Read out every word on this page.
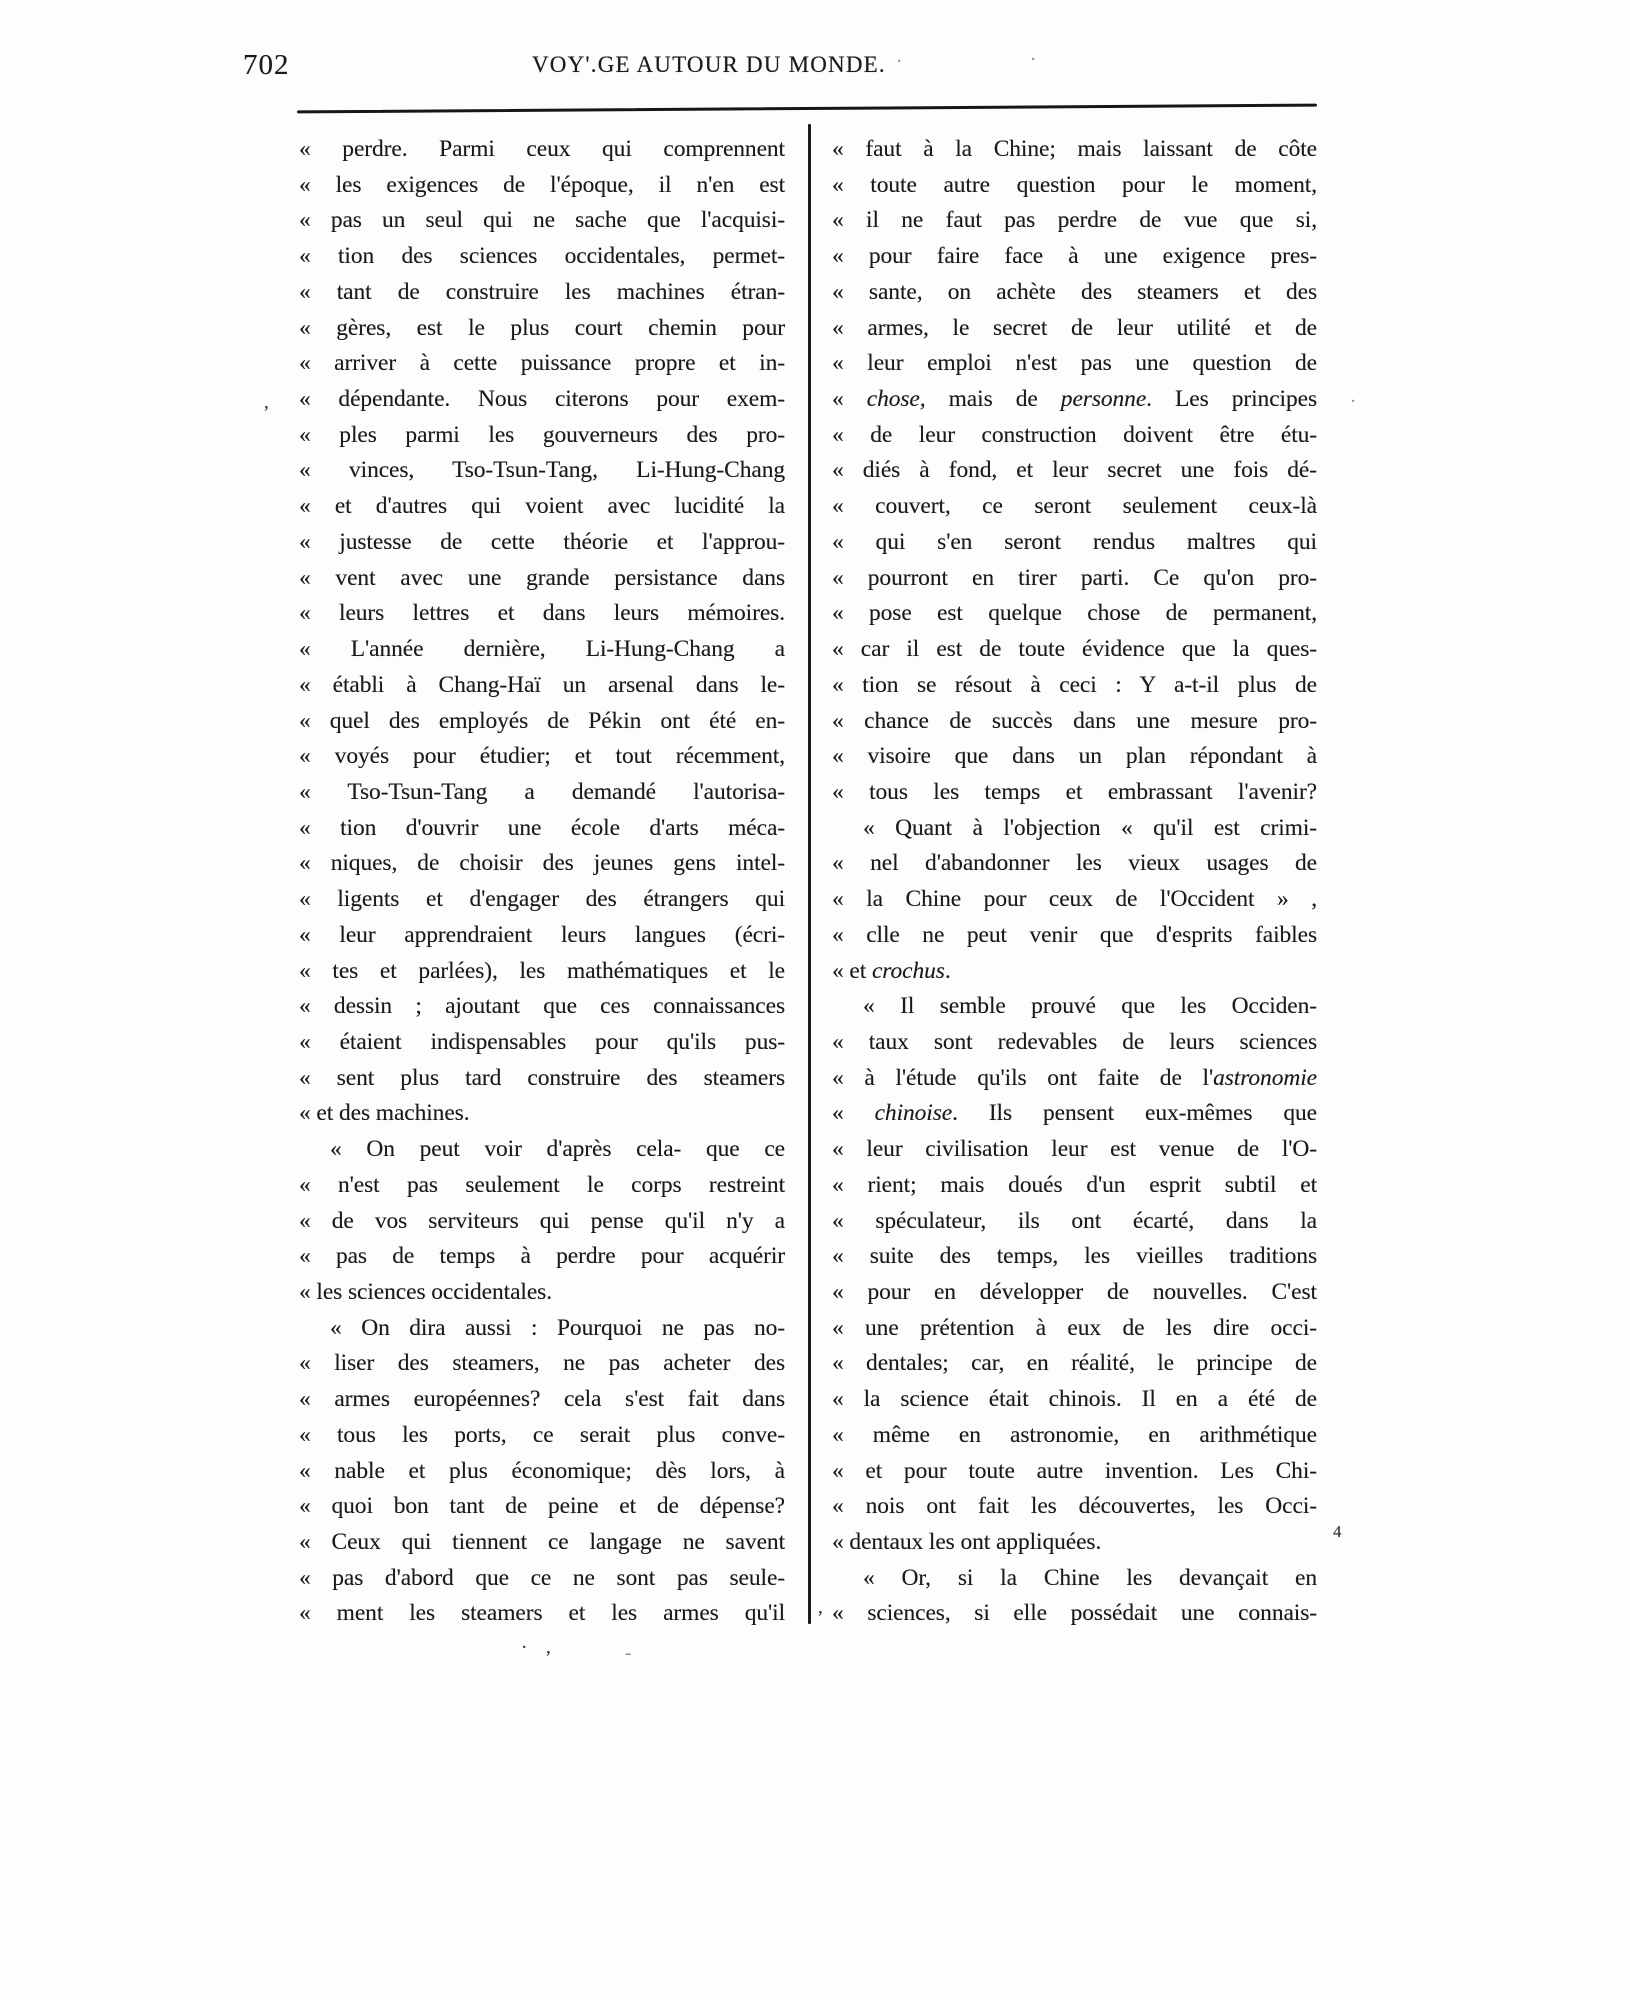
702	VOY'.GE AUTOUR DU MONDE.
« perdre. Parmi ceux qui comprennent
« les exigences de l'époque, il n'en est
« pas un seul qui ne sache que l'acquisi-
« tion des sciences occidentales, permet-
« tant de construire les machines étran-
« gères, est le plus court chemin pour
« arriver à cette puissance propre et in-
« dépendante. Nous citerons pour exem-
« ples parmi les gouverneurs des pro-
« vinces, Tso-Tsun-Tang, Li-Hung-Chang
« et d'autres qui voient avec lucidité la
« justesse de cette théorie et l'approu-
« vent avec une grande persistance dans
« leurs lettres et dans leurs mémoires.
« L'année dernière, Li-Hung-Chang a
« établi à Chang-Haï un arsenal dans le-
« quel des employés de Pékin ont été en-
« voyés pour étudier; et tout récemment,
« Tso-Tsun-Tang a demandé l'autorisa-
« tion d'ouvrir une école d'arts méca-
« niques, de choisir des jeunes gens intel-
« ligents et d'engager des étrangers qui
« leur apprendraient leurs langues (écri-
« tes et parlées), les mathématiques et le
« dessin ; ajoutant que ces connaissances
« étaient indispensables pour qu'ils pus-
« sent plus tard construire des steamers
« et des machines.
« On peut voir d'après cela- que ce
« n'est pas seulement le corps restreint
« de vos serviteurs qui pense qu'il n'y a
« pas de temps à perdre pour acquérir
« les sciences occidentales.
« On dira aussi : Pourquoi ne pas no-
« liser des steamers, ne pas acheter des
« armes européennes? cela s'est fait dans
« tous les ports, ce serait plus conve-
« nable et plus économique; dès lors, à
« quoi bon tant de peine et de dépense?
« Ceux qui tiennent ce langage ne savent
« pas d'abord que ce ne sont pas seule-
« ment les steamers et les armes qu'il
« faut à la Chine; mais laissant de côte
« toute autre question pour le moment,
« il ne faut pas perdre de vue que si,
« pour faire face à une exigence pres-
« sante, on achète des steamers et des
« armes, le secret de leur utilité et de
« leur emploi n'est pas une question de
« chose, mais de personne. Les principes
« de leur construction doivent être étu-
« diés à fond, et leur secret une fois dé-
« couvert, ce seront seulement ceux-là
« qui s'en seront rendus maltres qui
« pourront en tirer parti. Ce qu'on pro-
« pose est quelque chose de permanent,
« car il est de toute évidence que la ques-
« tion se résout à ceci : Y a-t-il plus de
« chance de succès dans une mesure pro-
« visoire que dans un plan répondant à
« tous les temps et embrassant l'avenir?
« Quant à l'objection « qu'il est crimi-
« nel d'abandonner les vieux usages de
« la Chine pour ceux de l'Occident » ,
« clle ne peut venir que d'esprits faibles
« et crochus.
« Il semble prouvé que les Occiden-
« taux sont redevables de leurs sciences
« à l'étude qu'ils ont faite de l'astronomie
« chinoise. Ils pensent eux-mêmes que
« leur civilisation leur est venue de l'O-
« rient; mais doués d'un esprit subtil et
« spéculateur, ils ont écarté, dans la
« suite des temps, les vieilles traditions
« pour en développer de nouvelles. C'est
« une prétention à eux de les dire occi-
« dentales; car, en réalité, le principe de
« la science était chinois. Il en a été de
« même en astronomie, en arithmétique
« et pour toute autre invention. Les Chi-
« nois ont fait les découvertes, les Occi-
« dentaux les ont appliquées.
« Or, si la Chine les devançait en
« sciences, si elle possédait une connais-
,
·	·
·
4
· ,	-
,
